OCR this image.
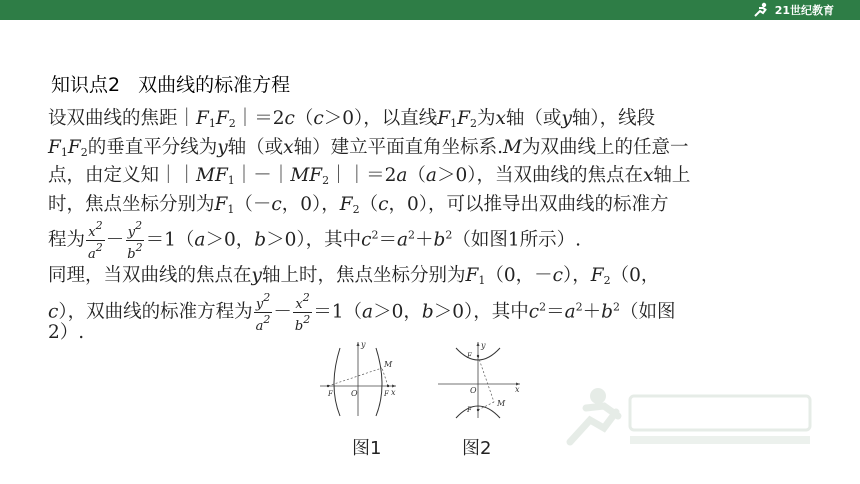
21世纪教育
知识点2 双曲线的标准方程
设双曲线的焦距$|F_1F_2|=2c(c>0)$，以直线$F_1F_2$为x轴（或y轴），线段
$F_1F_2$的垂直平分线为y轴（或x轴）建立平面直角坐标系.M为双曲线上的任意一
点，由定义知$||MF_1|-|MF_2||=2a(a>0)$，当双曲线的焦点在x轴上
时，焦点坐标分别为$F_1(-c$，0），$F_2(c$，0），可以推导出双曲线的标准方
程为 $\frac{x^2}{a^2} - \frac{y^2}{b^2} =1(a>0$，b＞0），其中$c^2=a^2+b^2$（如图1所示）.
同理，当双曲线的焦点在y轴上时，焦点坐标分别为$F_1(0$，－c），$F_2(0$，
c），双曲线的标准方程为 $\frac{y^2}{a^2} - \frac{x^2}{b^2} =1(a>0$，b＞0），其中$c^2=a^2+b^2$（如图
2）.
y
x
O
M
F	F
y
x
O
M
F
F
图1	图2
